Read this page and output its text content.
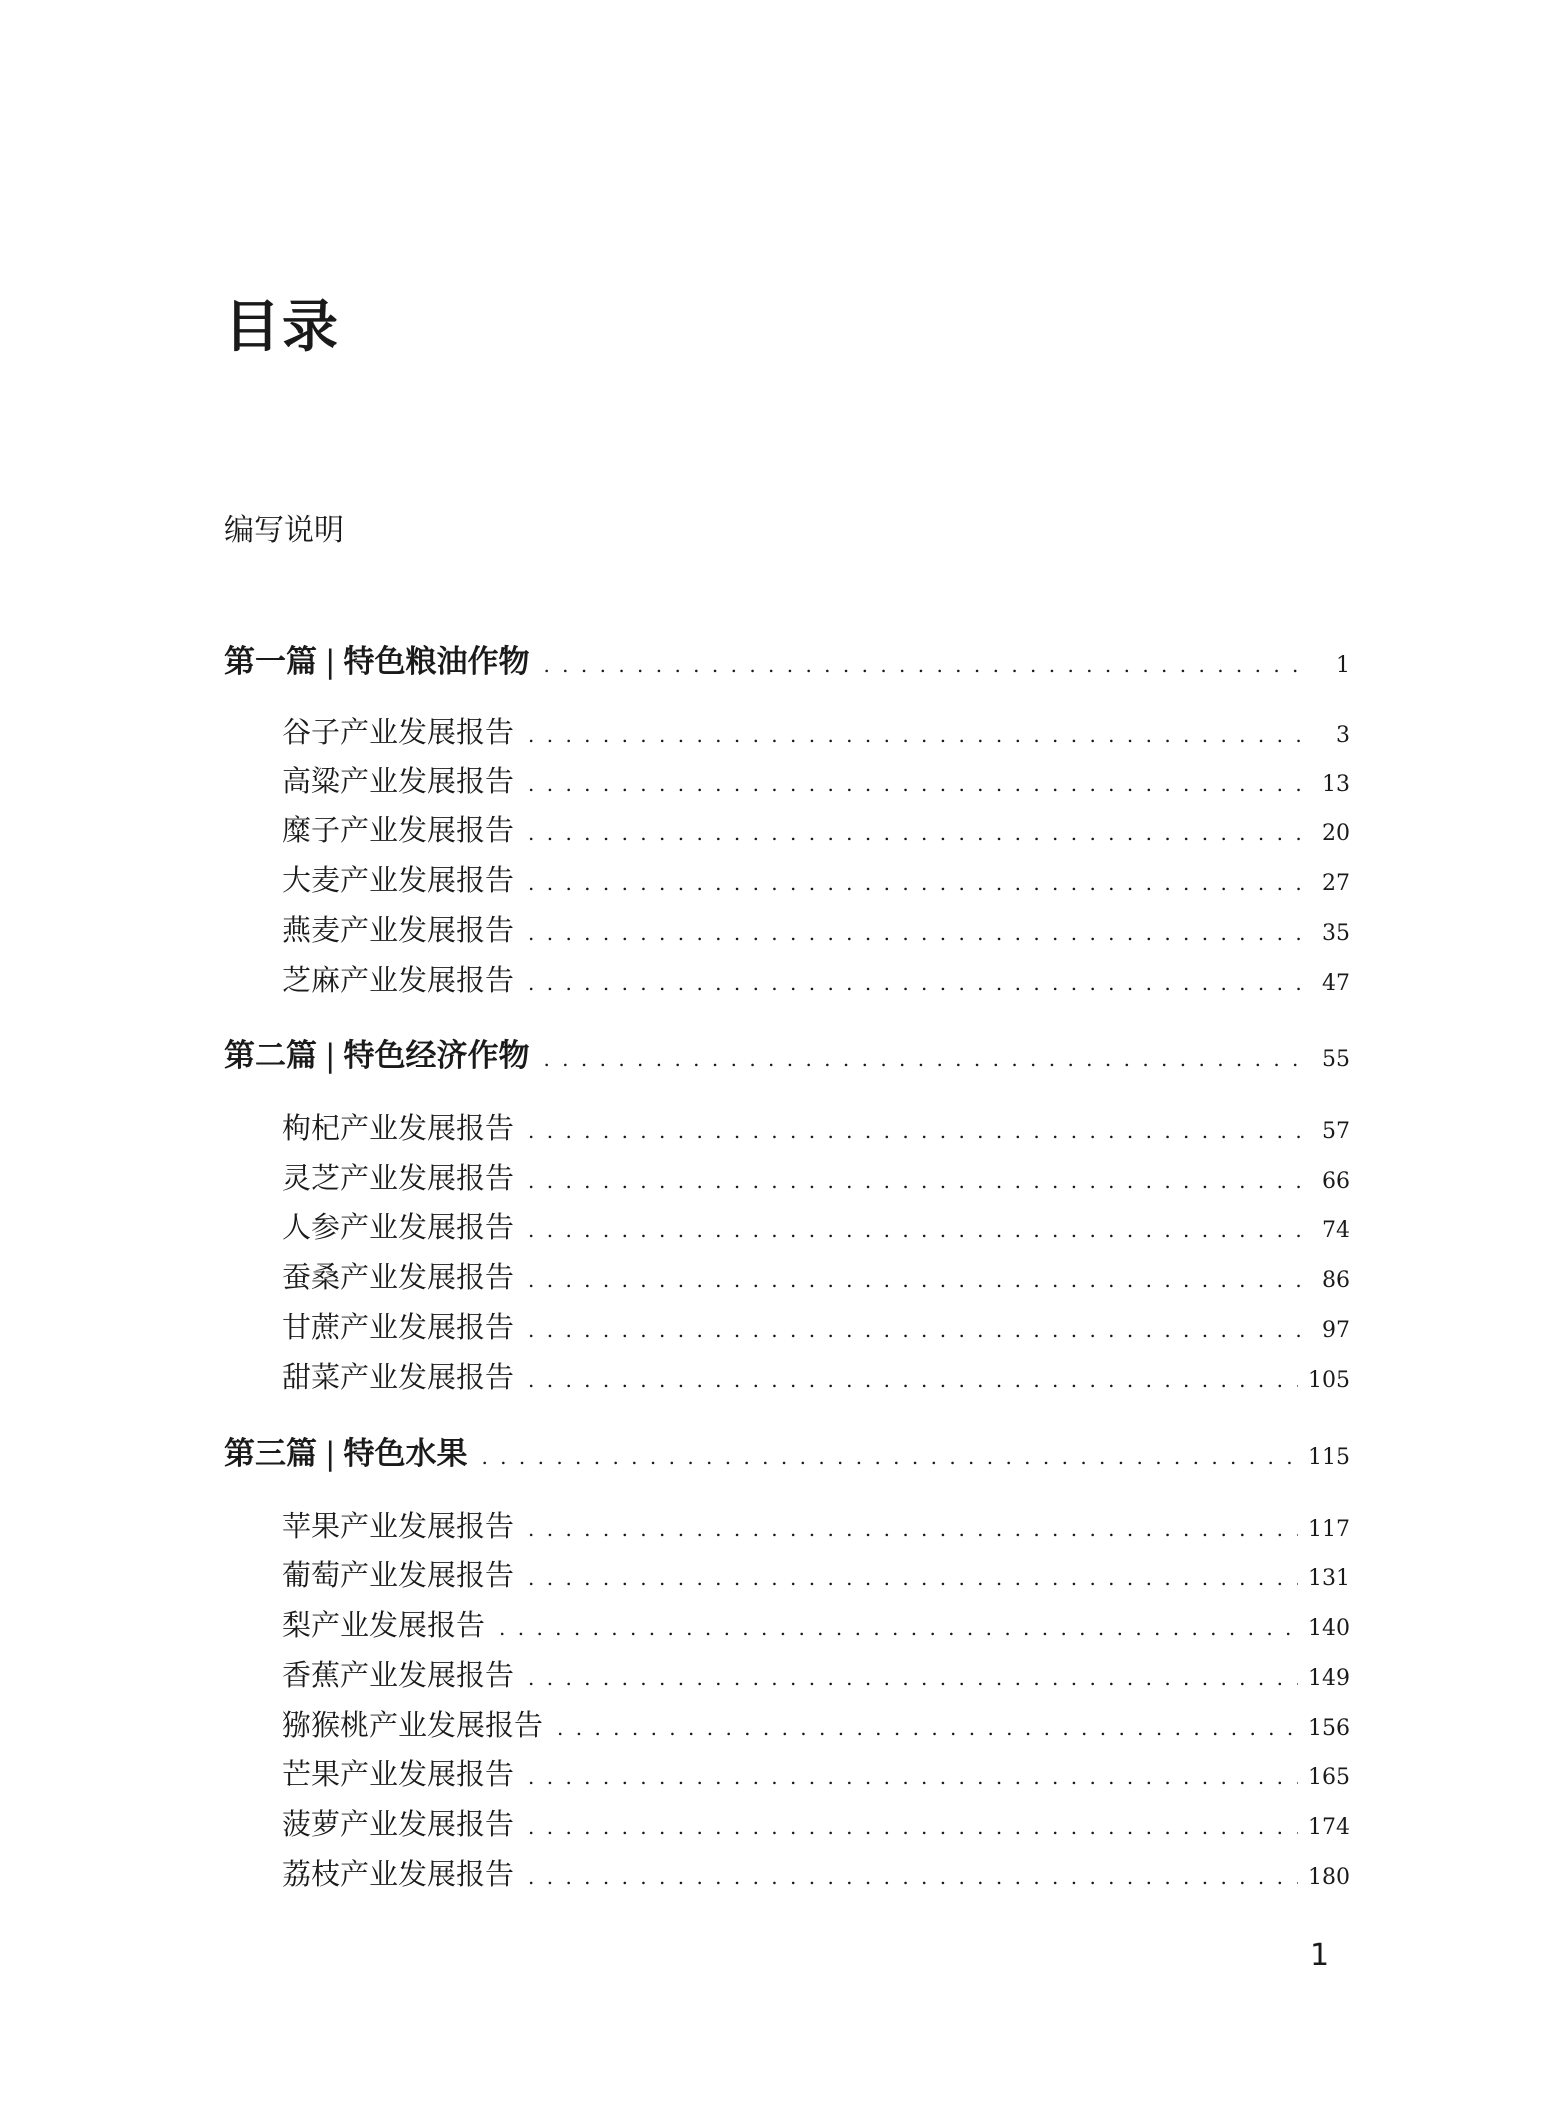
目录
编写说明
第一篇 | 特色粮油作物 . . .	1
谷子产业发展报告 . . .	3
高粱产业发展报告 . . .	13
糜子产业发展报告 . . .	20
大麦产业发展报告 . . .	27
燕麦产业发展报告 . . .	35
芝麻产业发展报告 . . .	47
第二篇 | 特色经济作物 . . .	55
枸杞产业发展报告 . . .	57
灵芝产业发展报告 . . .	66
人参产业发展报告 . . .	74
蚕桑产业发展报告 . . .	86
甘蔗产业发展报告 . . .	97
甜菜产业发展报告 . . .	105
第三篇 | 特色水果 . . .	115
苹果产业发展报告 . . .	117
葡萄产业发展报告 . . .	131
梨产业发展报告 . . .	140
香蕉产业发展报告 . . .	149
猕猴桃产业发展报告 . . .	156
芒果产业发展报告 . . .	165
菠萝产业发展报告 . . .	174
荔枝产业发展报告 . . .	180
1
